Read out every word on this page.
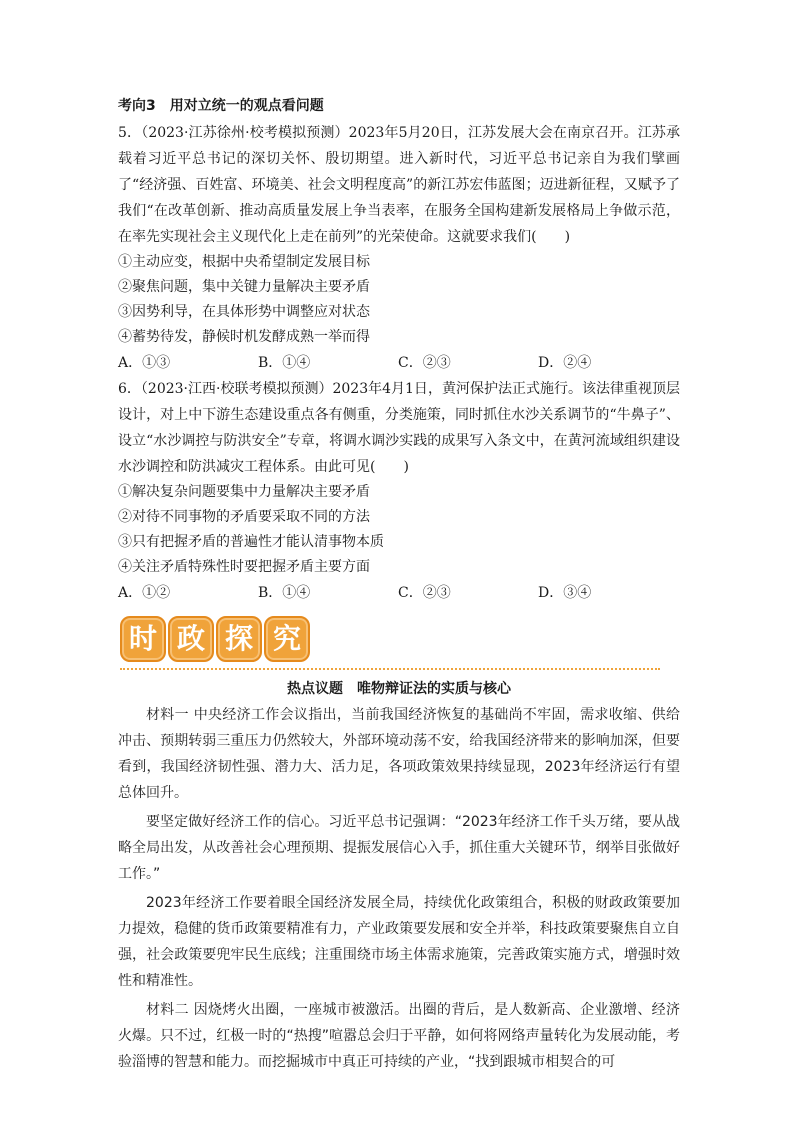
考向3　用对立统一的观点看问题

5．（2023·江苏徐州·校考模拟预测）2023年5月20日，江苏发展大会在南京召开。江苏承载着习近平总书记的深切关怀、殷切期望。进入新时代，习近平总书记亲自为我们擘画了“经济强、百姓富、环境美、社会文明程度高”的新江苏宏伟蓝图；迈进新征程，又赋予了我们“在改革创新、推动高质量发展上争当表率，在服务全国构建新发展格局上争做示范，在率先实现社会主义现代化上走在前列”的光荣使命。这就要求我们(　　)

①主动应变，根据中央希望制定发展目标

②聚焦问题，集中关键力量解决主要矛盾

③因势利导，在具体形势中调整应对状态

④蓄势待发，静候时机发酵成熟一举而得

A．①③	B．①④	C．②③	D．②④

6．（2023·江西·校联考模拟预测）2023年4月1日，黄河保护法正式施行。该法律重视顶层设计，对上中下游生态建设重点各有侧重，分类施策，同时抓住水沙关系调节的“牛鼻子”、设立“水沙调控与防洪安全”专章，将调水调沙实践的成果写入条文中，在黄河流域组织建设水沙调控和防洪减灾工程体系。由此可见(　　)

①解决复杂问题要集中力量解决主要矛盾

②对待不同事物的矛盾要采取不同的方法

③只有把握矛盾的普遍性才能认清事物本质

④关注矛盾特殊性时要把握矛盾主要方面

A．①②	B．①④	C．②③	D．③④
时 政 探 究

热点议题　唯物辩证法的实质与核心

材料一 中央经济工作会议指出，当前我国经济恢复的基础尚不牢固，需求收缩、供给冲击、预期转弱三重压力仍然较大，外部环境动荡不安，给我国经济带来的影响加深，但要看到，我国经济韧性强、潜力大、活力足，各项政策效果持续显现，2023年经济运行有望总体回升。

要坚定做好经济工作的信心。习近平总书记强调：“2023年经济工作千头万绪，要从战略全局出发，从改善社会心理预期、提振发展信心入手，抓住重大关键环节，纲举目张做好工作。”

2023年经济工作要着眼全国经济发展全局，持续优化政策组合，积极的财政政策要加力提效，稳健的货币政策要精准有力，产业政策要发展和安全并举，科技政策要聚焦自立自强，社会政策要兜牢民生底线；注重围绕市场主体需求施策，完善政策实施方式，增强时效性和精准性。

材料二 因烧烤火出圈，一座城市被激活。出圈的背后，是人数新高、企业激增、经济火爆。只不过，红极一时的“热搜”喧嚣总会归于平静，如何将网络声量转化为发展动能，考验淄博的智慧和能力。而挖掘城市中真正可持续的产业，“找到跟城市相契合的可
